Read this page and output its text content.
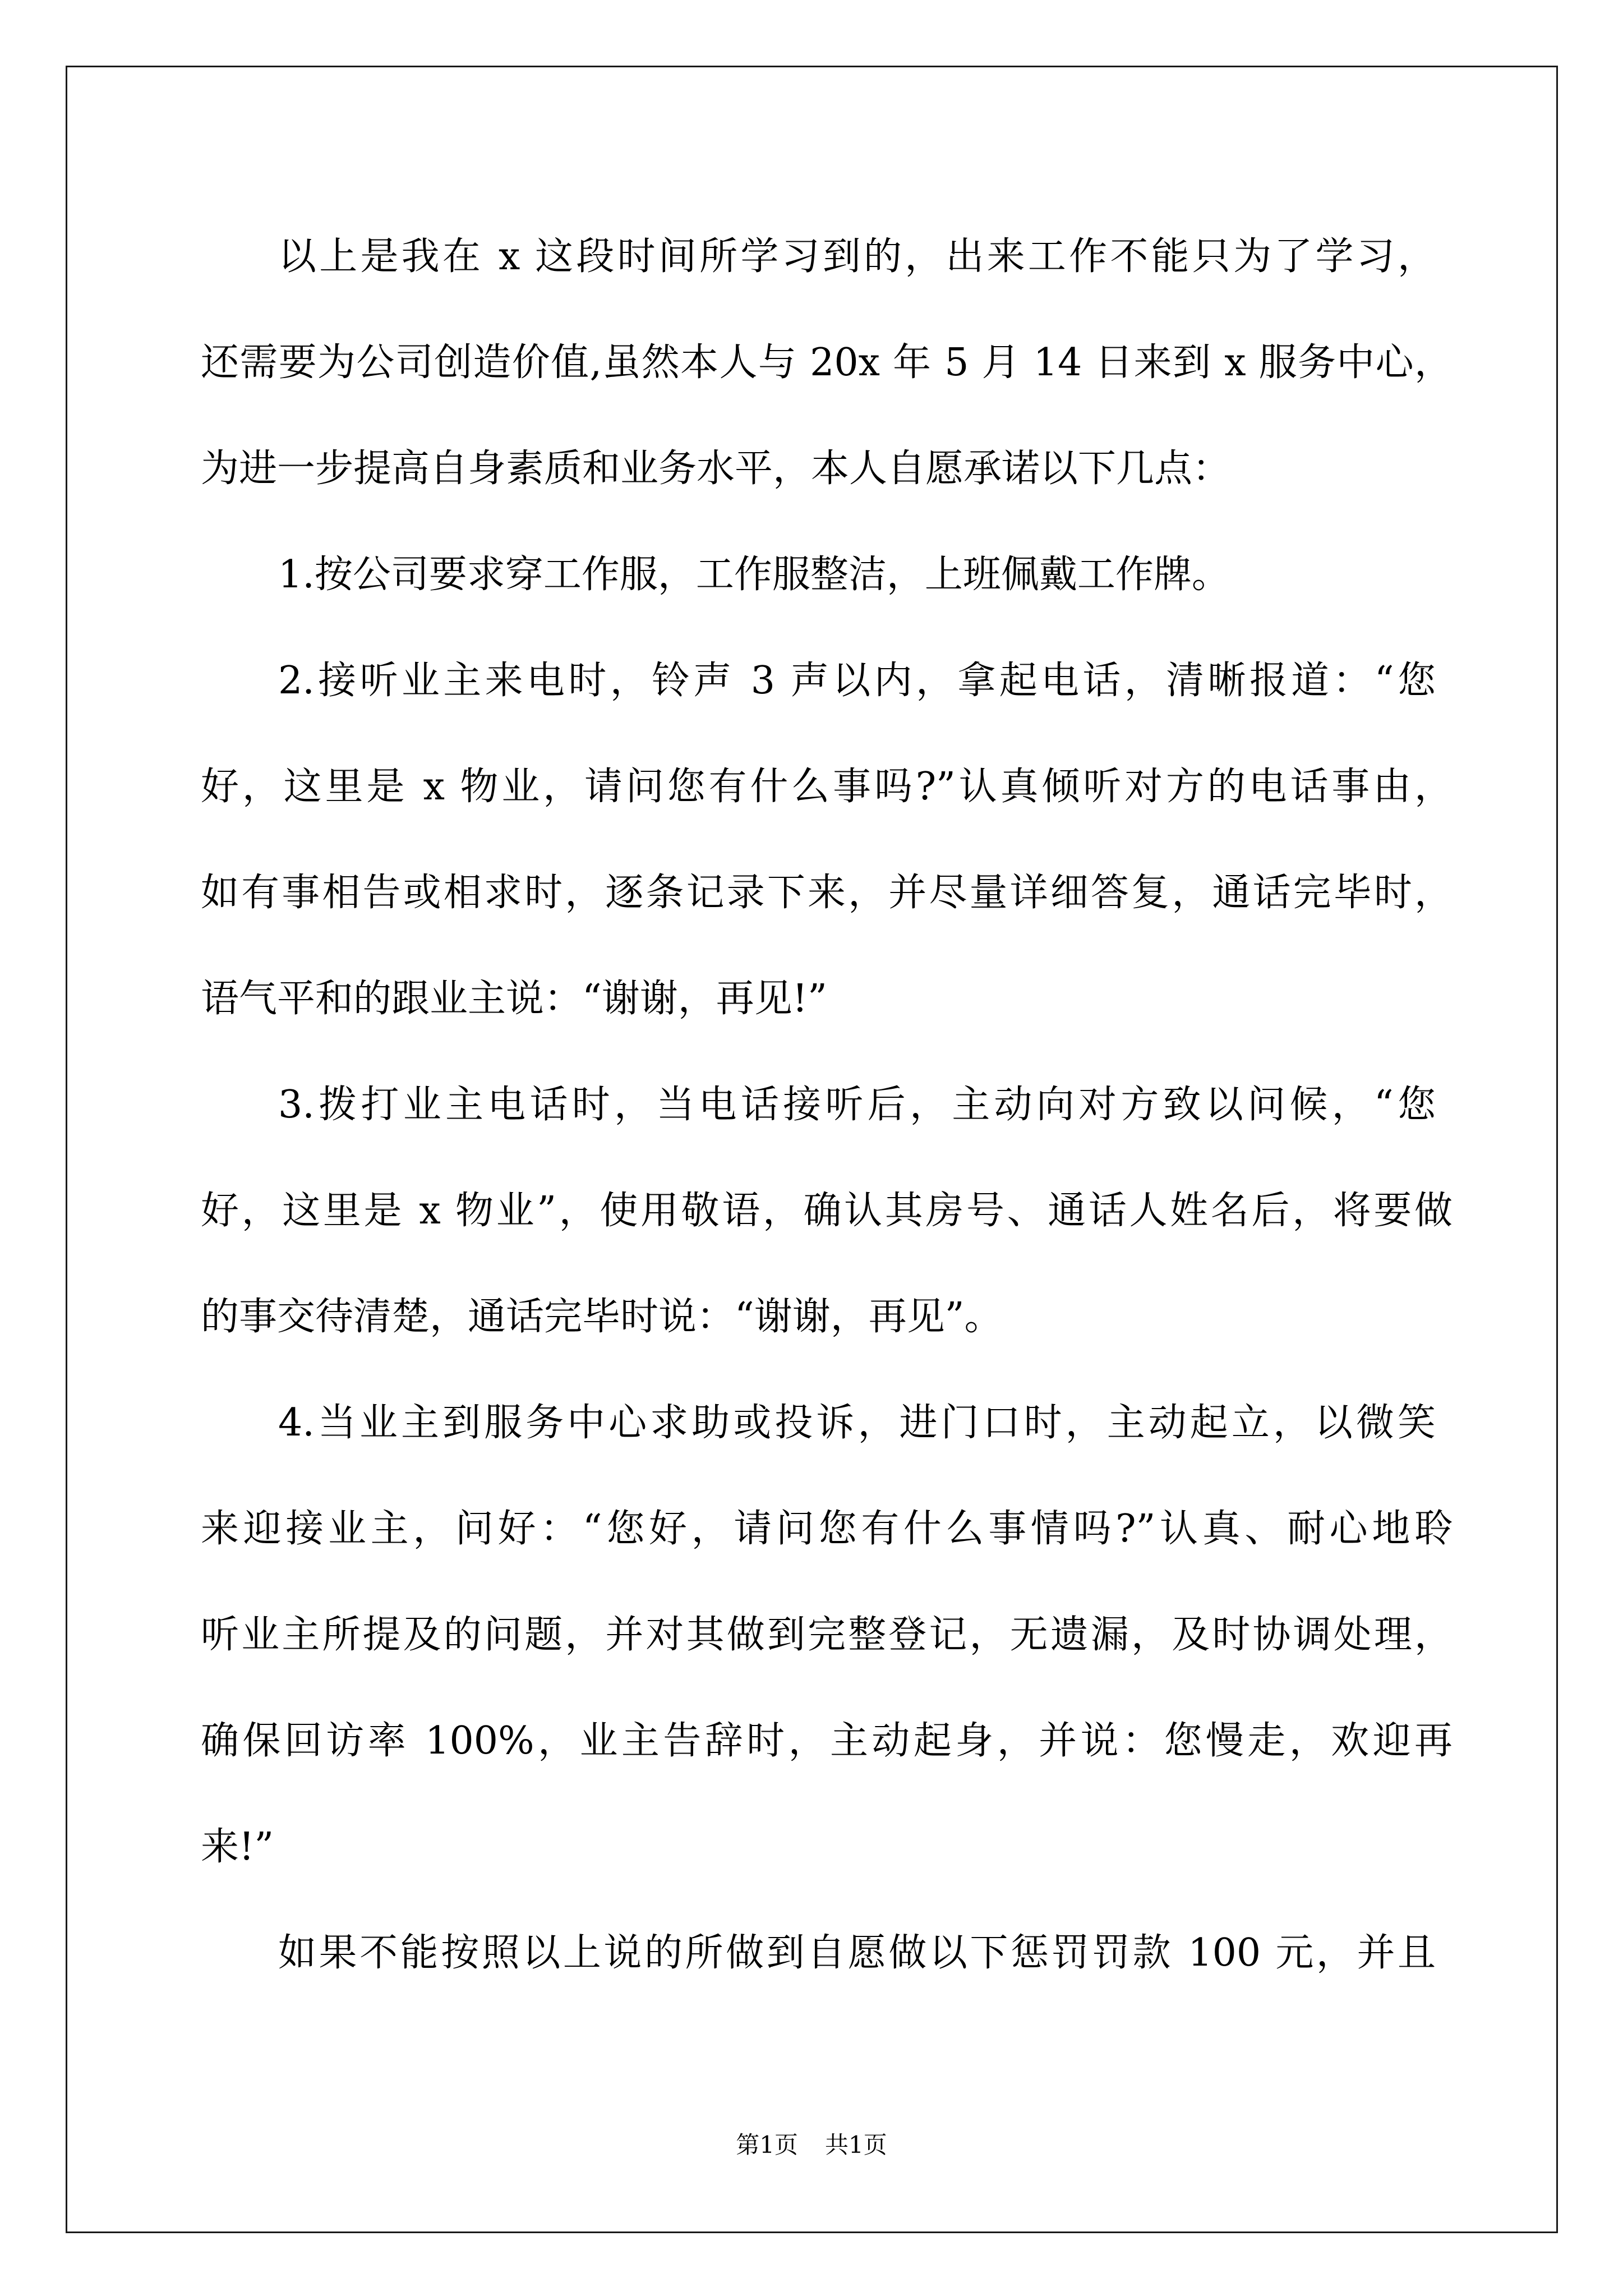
以上是我在 x 这段时间所学习到的，出来工作不能只为了学习，
还需要为公司创造价值,虽然本人与 20x 年 5 月 14 日来到 x 服务中心，
为进一步提高自身素质和业务水平，本人自愿承诺以下几点：
1.按公司要求穿工作服，工作服整洁，上班佩戴工作牌。
2.接听业主来电时，铃声 3 声以内，拿起电话，清晰报道：“您
好，这里是 x 物业，请问您有什么事吗?”认真倾听对方的电话事由，
如有事相告或相求时，逐条记录下来，并尽量详细答复，通话完毕时，
语气平和的跟业主说：“谢谢，再见!”
3.拨打业主电话时，当电话接听后，主动向对方致以问候，“您
好，这里是 x 物业”，使用敬语，确认其房号、通话人姓名后，将要做
的事交待清楚，通话完毕时说：“谢谢，再见”。
4.当业主到服务中心求助或投诉，进门口时，主动起立，以微笑
来迎接业主，问好：“您好，请问您有什么事情吗?”认真、耐心地聆
听业主所提及的问题，并对其做到完整登记，无遗漏，及时协调处理，
确保回访率 100%，业主告辞时，主动起身，并说：您慢走，欢迎再
来!”
如果不能按照以上说的所做到自愿做以下惩罚罚款 100 元，并且
第1页 共1页
